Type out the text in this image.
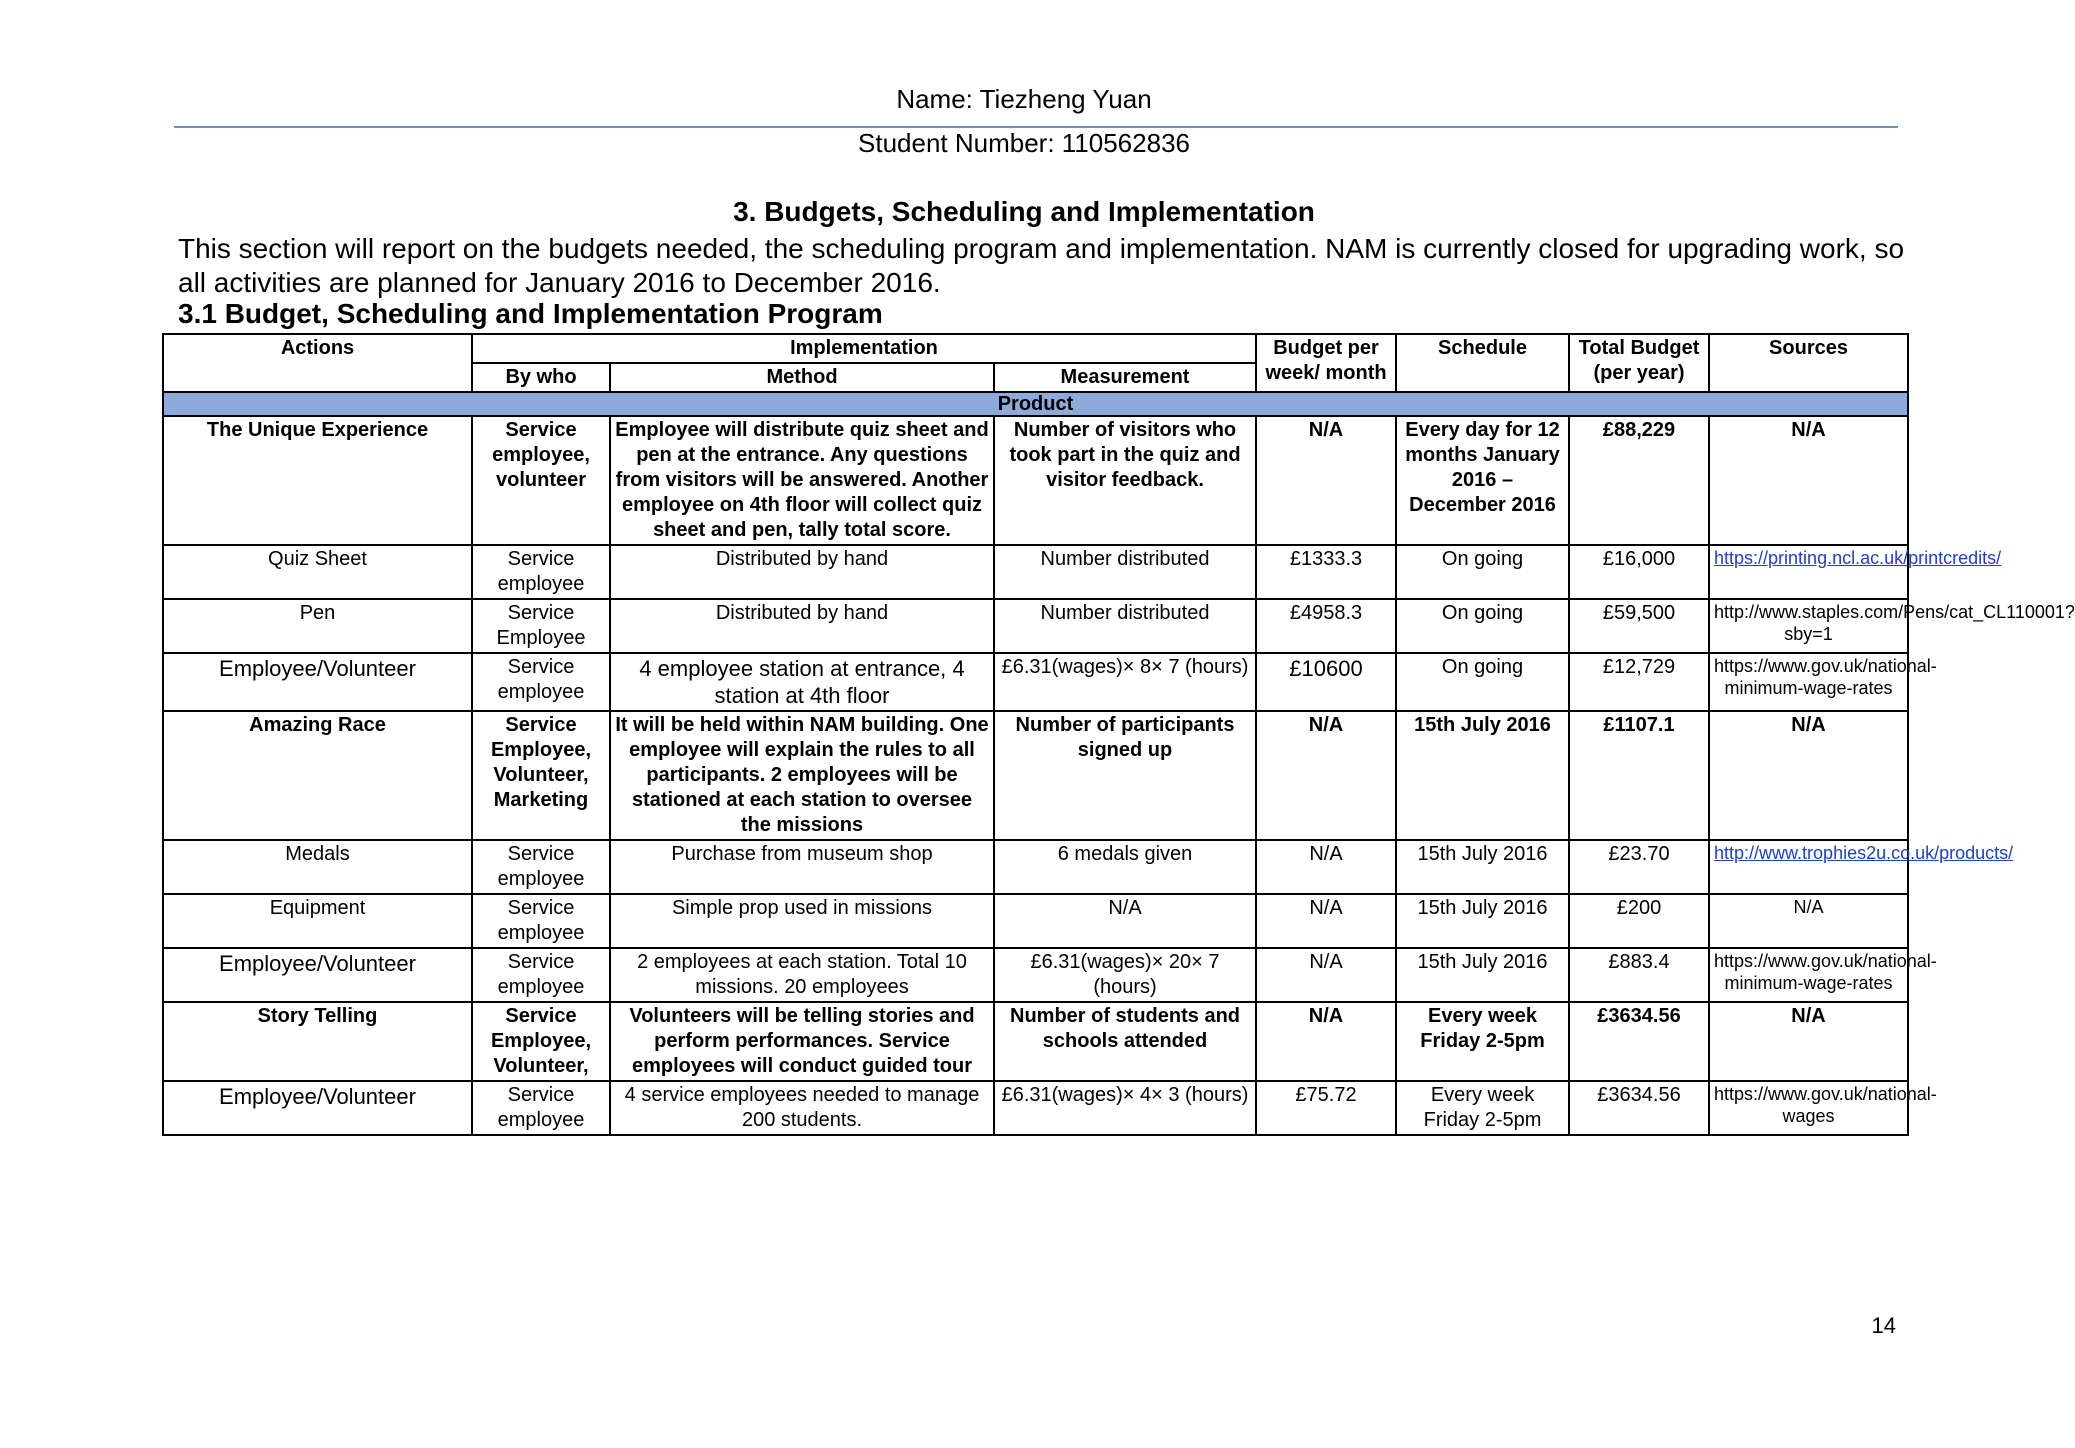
Name: Tiezheng Yuan
Student Number: 110562836
3. Budgets, Scheduling and Implementation
This section will report on the budgets needed, the scheduling program and implementation. NAM is currently closed for upgrading work, so all activities are planned for January 2016 to December 2016.
3.1 Budget, Scheduling and Implementation Program
Actions	Implementation			Budget per week/ month	Schedule	Total Budget (per year)	Sources
	By who	Method	Measurement				
Product							
The Unique Experience	Service employee, volunteer	Employee will distribute quiz sheet and pen at the entrance. Any questions from visitors will be answered. Another employee on 4th floor will collect quiz sheet and pen, tally total score.	Number of visitors who took part in the quiz and visitor feedback.	N/A	Every day for 12 months January 2016 – December 2016	£88,229	N/A
Quiz Sheet	Service employee	Distributed by hand	Number distributed	£1333.3	On going	£16,000	https://printing.ncl.ac.uk/printcredits/
Pen	Service Employee	Distributed by hand	Number distributed	£4958.3	On going	£59,500	http://www.staples.com/Pens/cat_CL110001?sby=1
Employee/Volunteer	Service employee	4 employee station at entrance, 4 station at 4th floor	£6.31(wages)× 8× 7 (hours)	£10600	On going	£12,729	https://www.gov.uk/national-minimum-wage-rates
Amazing Race	Service Employee, Volunteer, Marketing	It will be held within NAM building. One employee will explain the rules to all participants. 2 employees will be stationed at each station to oversee the missions	Number of participants signed up	N/A	15th July 2016	£1107.1	N/A
Medals	Service employee	Purchase from museum shop	6 medals given	N/A	15th July 2016	£23.70	http://www.trophies2u.co.uk/products/
Equipment	Service employee	Simple prop used in missions	N/A	N/A	15th July 2016	£200	N/A
Employee/Volunteer	Service employee	2 employees at each station. Total 10 missions. 20 employees	£6.31(wages)× 20× 7 (hours)	N/A	15th July 2016	£883.4	https://www.gov.uk/national-minimum-wage-rates
Story Telling	Service Employee, Volunteer,	Volunteers will be telling stories and perform performances. Service employees will conduct guided tour	Number of students and schools attended	N/A	Every week Friday 2-5pm	£3634.56	N/A
Employee/Volunteer	Service employee	4 service employees needed to manage 200 students.	£6.31(wages)× 4× 3 (hours)	£75.72	Every week Friday 2-5pm	£3634.56	https://www.gov.uk/national-wages
14
